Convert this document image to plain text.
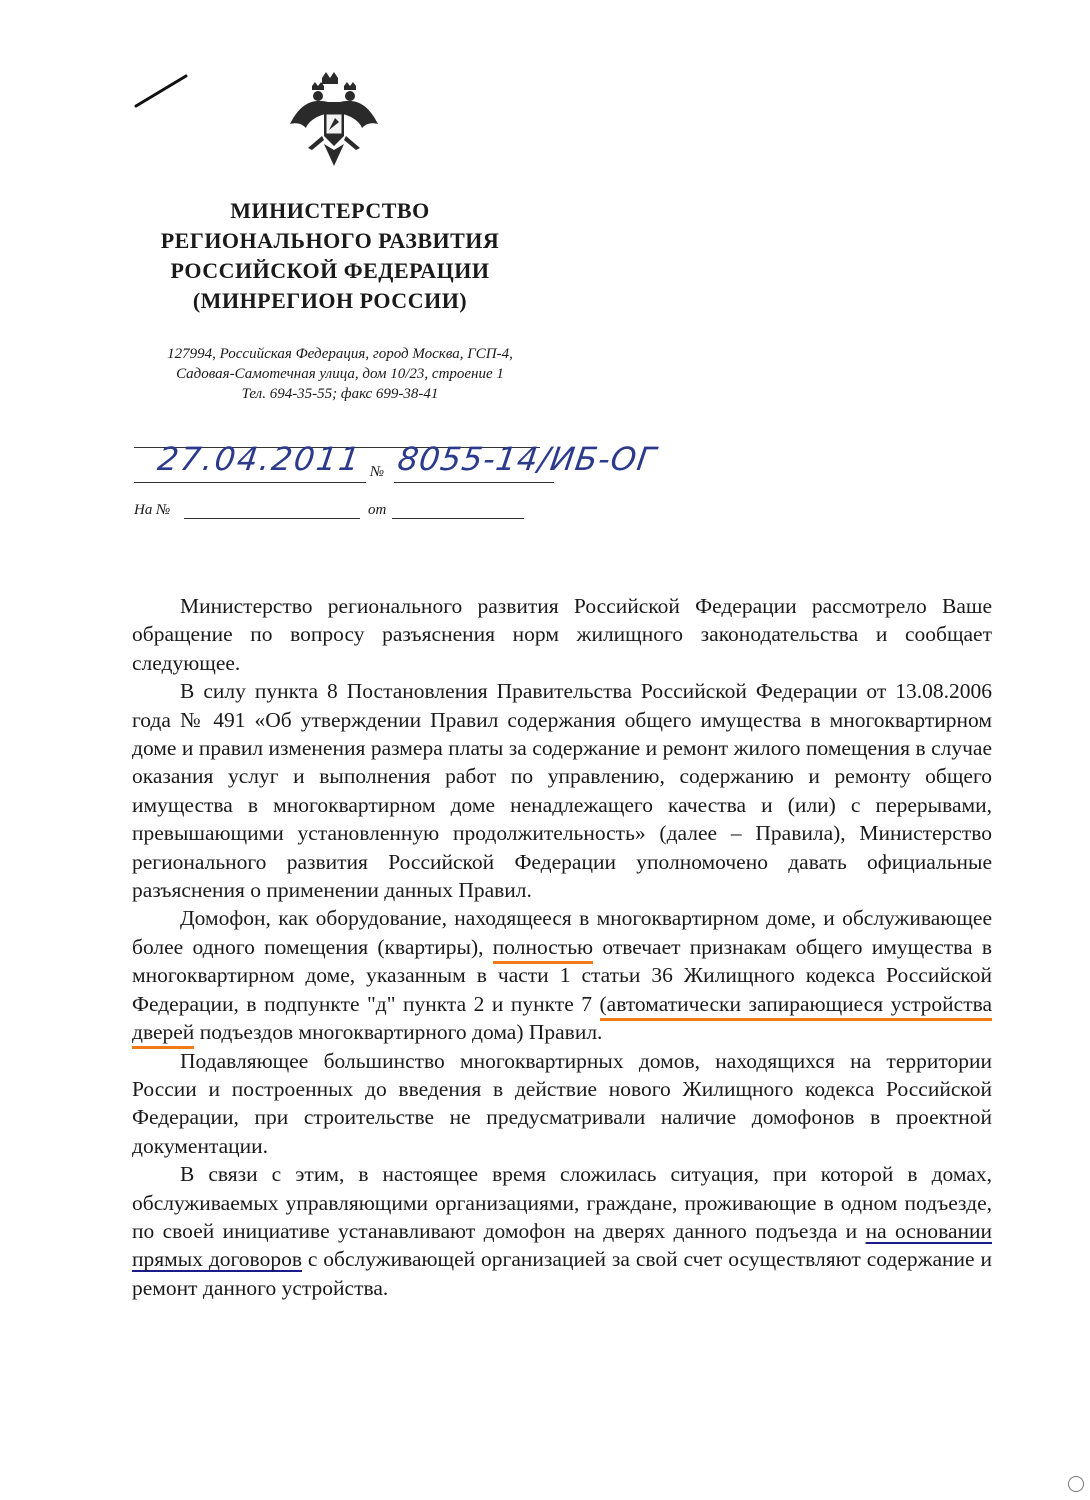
МИНИСТЕРСТВО
РЕГИОНАЛЬНОГО РАЗВИТИЯ
РОССИЙСКОЙ ФЕДЕРАЦИИ
(МИНРЕГИОН РОССИИ)
127994, Российская Федерация, город Москва, ГСП-4,
Садовая-Самотечная улица, дом 10/23, строение 1
Тел. 694-35-55; факс 699-38-41
27.04.2011 № 8055-14/ИБ-ОГ
На №	от

Министерство регионального развития Российской Федерации рассмотрело Ваше обращение по вопросу разъяснения норм жилищного законодательства и сообщает следующее.

В силу пункта 8 Постановления Правительства Российской Федерации от 13.08.2006 года № 491 «Об утверждении Правил содержания общего имущества в многоквартирном доме и правил изменения размера платы за содержание и ремонт жилого помещения в случае оказания услуг и выполнения работ по управлению, содержанию и ремонту общего имущества в многоквартирном доме ненадлежащего качества и (или) с перерывами, превышающими установленную продолжительность» (далее – Правила), Министерство регионального развития Российской Федерации уполномочено давать официальные разъяснения о применении данных Правил.

Домофон, как оборудование, находящееся в многоквартирном доме, и обслуживающее более одного помещения (квартиры), полностью отвечает признакам общего имущества в многоквартирном доме, указанным в части 1 статьи 36 Жилищного кодекса Российской Федерации, в подпункте "д" пункта 2 и пункте 7 (автоматически запирающиеся устройства дверей подъездов многоквартирного дома) Правил.

Подавляющее большинство многоквартирных домов, находящихся на территории России и построенных до введения в действие нового Жилищного кодекса Российской Федерации, при строительстве не предусматривали наличие домофонов в проектной документации.

В связи с этим, в настоящее время сложилась ситуация, при которой в домах, обслуживаемых управляющими организациями, граждане, проживающие в одном подъезде, по своей инициативе устанавливают домофон на дверях данного подъезда и на основании прямых договоров с обслуживающей организацией за свой счет осуществляют содержание и ремонт данного устройства.
